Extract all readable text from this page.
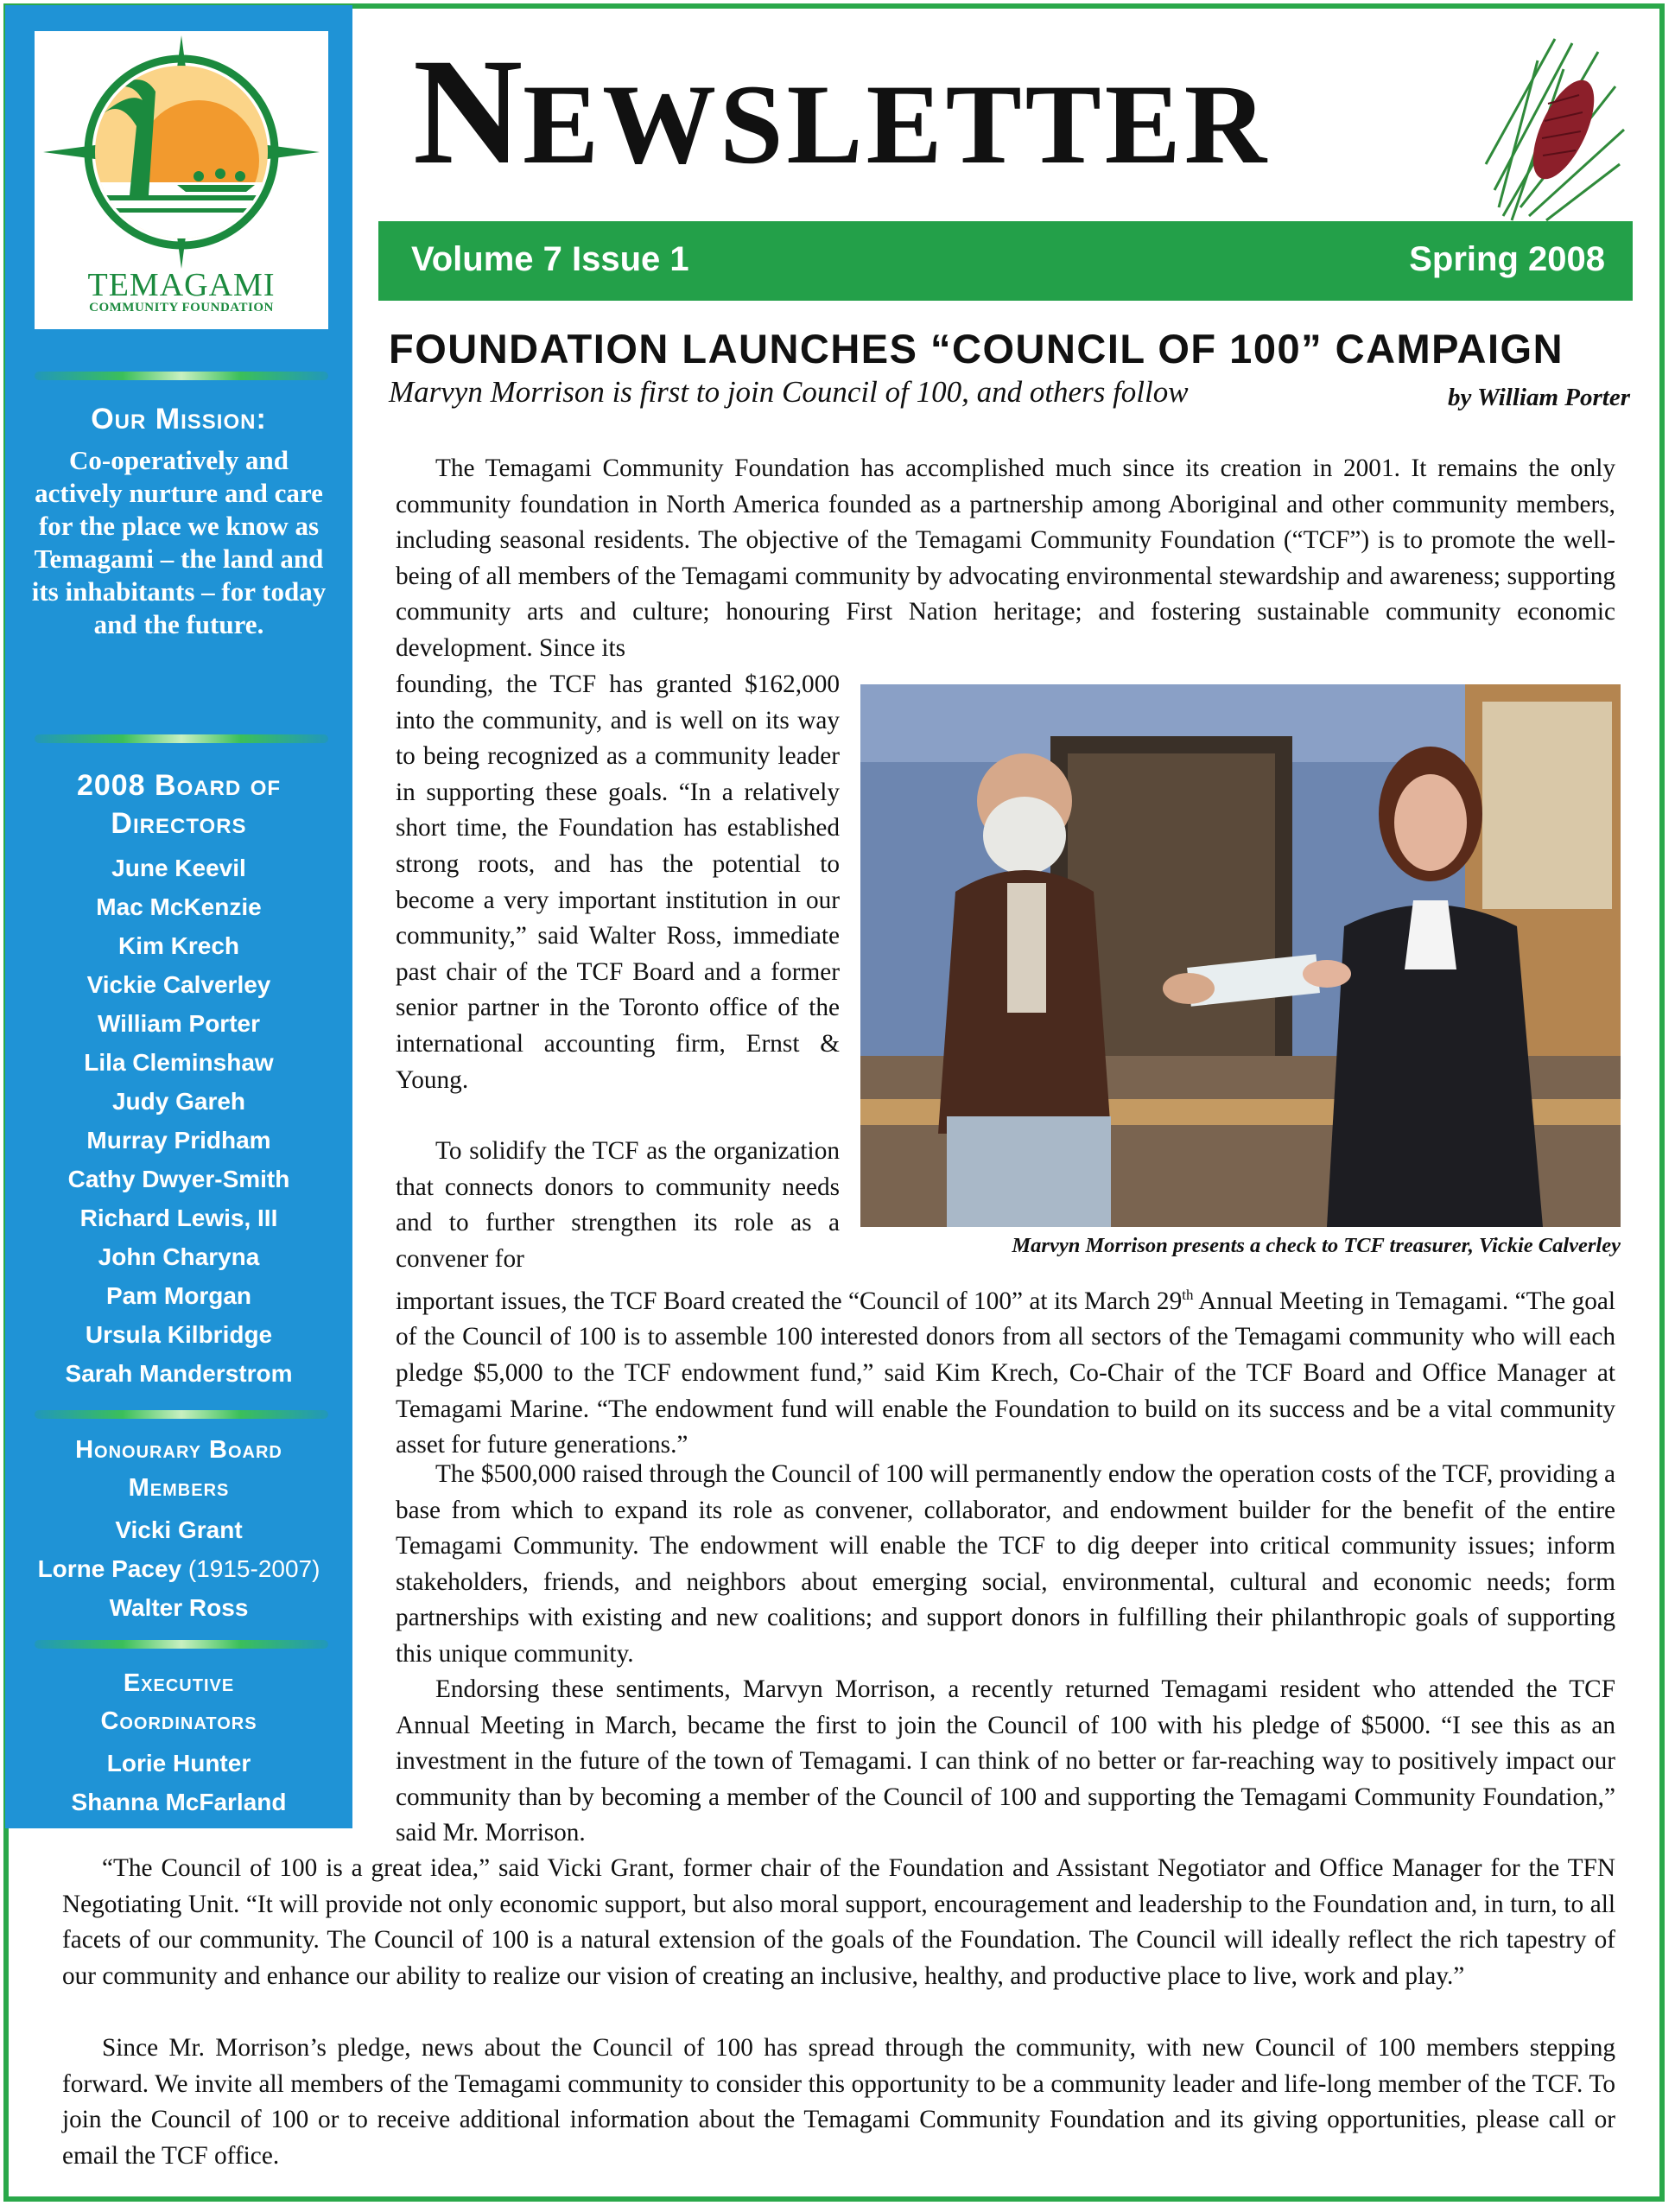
TEMAGAMI
COMMUNITY FOUNDATION
Our Mission:
Co-operatively and actively nurture and care for the place we know as Temagami – the land and its inhabitants – for today and the future.
2008 Board of
Directors
June Keevil
Mac McKenzie
Kim Krech
Vickie Calverley
William Porter
Lila Cleminshaw
Judy Gareh
Murray Pridham
Cathy Dwyer-Smith
Richard Lewis, III
John Charyna
Pam Morgan
Ursula Kilbridge
Sarah Manderstrom
Honourary Board
Members
Vicki Grant
Lorne Pacey (1915-2007)
Walter Ross
Executive
Coordinators
Lorie Hunter
Shanna McFarland
NEWSLETTER
Volume 7 Issue 1	Spring 2008
FOUNDATION LAUNCHES “COUNCIL OF 100” CAMPAIGN
Marvyn Morrison is first to join Council of 100, and others follow	by William Porter

The Temagami Community Foundation has accomplished much since its creation in 2001. It remains the only community foundation in North America founded as a partnership among Aboriginal and other community members, including seasonal residents. The objective of the Temagami Community Foundation (“TCF”) is to promote the well-being of all members of the Temagami community by advocating environmental stewardship and awareness; supporting community arts and culture; honouring First Nation heritage; and fostering sustainable community economic development. Since its

founding, the TCF has granted $162,000 into the community, and is well on its way to being recognized as a community leader in supporting these goals. “In a relatively short time, the Foundation has established strong roots, and has the potential to become a very important institution in our community,” said Walter Ross, immediate past chair of the TCF Board and a former senior partner in the Toronto office of the international accounting firm, Ernst & Young.

To solidify the TCF as the organization that connects donors to community needs and to further strengthen its role as a convener for	Marvyn Morrison presents a check to TCF treasurer, Vickie Calverley

important issues, the TCF Board created the “Council of 100” at its March 29th Annual Meeting in Temagami. “The goal of the Council of 100 is to assemble 100 interested donors from all sectors of the Temagami community who will each pledge $5,000 to the TCF endowment fund,” said Kim Krech, Co-Chair of the TCF Board and Office Manager at Temagami Marine. “The endowment fund will enable the Foundation to build on its success and be a vital community asset for future generations.”

The $500,000 raised through the Council of 100 will permanently endow the operation costs of the TCF, providing a base from which to expand its role as convener, collaborator, and endowment builder for the benefit of the entire Temagami Community. The endowment will enable the TCF to dig deeper into critical community issues; inform stakeholders, friends, and neighbors about emerging social, environmental, cultural and economic needs; form partnerships with existing and new coalitions; and support donors in fulfilling their philanthropic goals of supporting this unique community.

Endorsing these sentiments, Marvyn Morrison, a recently returned Temagami resident who attended the TCF Annual Meeting in March, became the first to join the Council of 100 with his pledge of $5000. “I see this as an investment in the future of the town of Temagami. I can think of no better or far-reaching way to positively impact our community than by becoming a member of the Council of 100 and supporting the Temagami Community Foundation,” said Mr. Morrison.

“The Council of 100 is a great idea,” said Vicki Grant, former chair of the Foundation and Assistant Negotiator and Office Manager for the TFN Negotiating Unit. “It will provide not only economic support, but also moral support, encouragement and leadership to the Foundation and, in turn, to all facets of our community. The Council of 100 is a natural extension of the goals of the Foundation. The Council will ideally reflect the rich tapestry of our community and enhance our ability to realize our vision of creating an inclusive, healthy, and productive place to live, work and play.”

Since Mr. Morrison’s pledge, news about the Council of 100 has spread through the community, with new Council of 100 members stepping forward. We invite all members of the Temagami community to consider this opportunity to be a community leader and life-long member of the TCF. To join the Council of 100 or to receive additional information about the Temagami Community Foundation and its giving opportunities, please call or email the TCF office.
